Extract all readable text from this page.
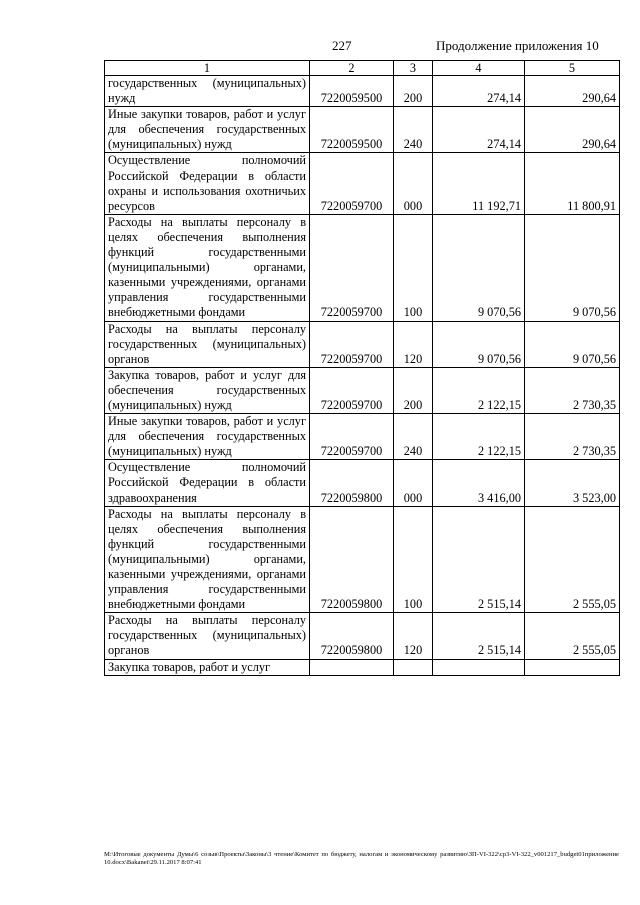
227	Продолжение приложения 10
1	2	3	4	5
государственных (муниципальных) нужд	7220059500	200	274,14	290,64
Иные закупки товаров, работ и услуг для обеспечения государственных (муниципальных) нужд	7220059500	240	274,14	290,64
Осуществление полномочий Российской Федерации в области охраны и использования охотничьих ресурсов	7220059700	000	11 192,71	11 800,91
Расходы на выплаты персоналу в целях обеспечения выполнения функций государственными (муниципальными) органами, казенными учреждениями, органами управления государственными внебюджетными фондами	7220059700	100	9 070,56	9 070,56
Расходы на выплаты персоналу государственных (муниципальных) органов	7220059700	120	9 070,56	9 070,56
Закупка товаров, работ и услуг для обеспечения государственных (муниципальных) нужд	7220059700	200	2 122,15	2 730,35
Иные закупки товаров, работ и услуг для обеспечения государственных (муниципальных) нужд	7220059700	240	2 122,15	2 730,35
Осуществление полномочий Российской Федерации в области здравоохранения	7220059800	000	3 416,00	3 523,00
Расходы на выплаты персоналу в целях обеспечения выполнения функций государственными (муниципальными) органами, казенными учреждениями, органами управления государственными внебюджетными фондами	7220059800	100	2 515,14	2 555,05
Расходы на выплаты персоналу государственных (муниципальных) органов	7220059800	120	2 515,14	2 555,05
Закупка товаров, работ и услуг				
M:\Итоговые документы Думы\6 созыв\Проекты\Законы\3 чтение\Комитет по бюджету, налогам и экономическому развитию\ЗП-VI-322\ср3-VI-322_v001217_budget01приложение 10.docx\Bakanеt\29.11.2017 8:07:41
